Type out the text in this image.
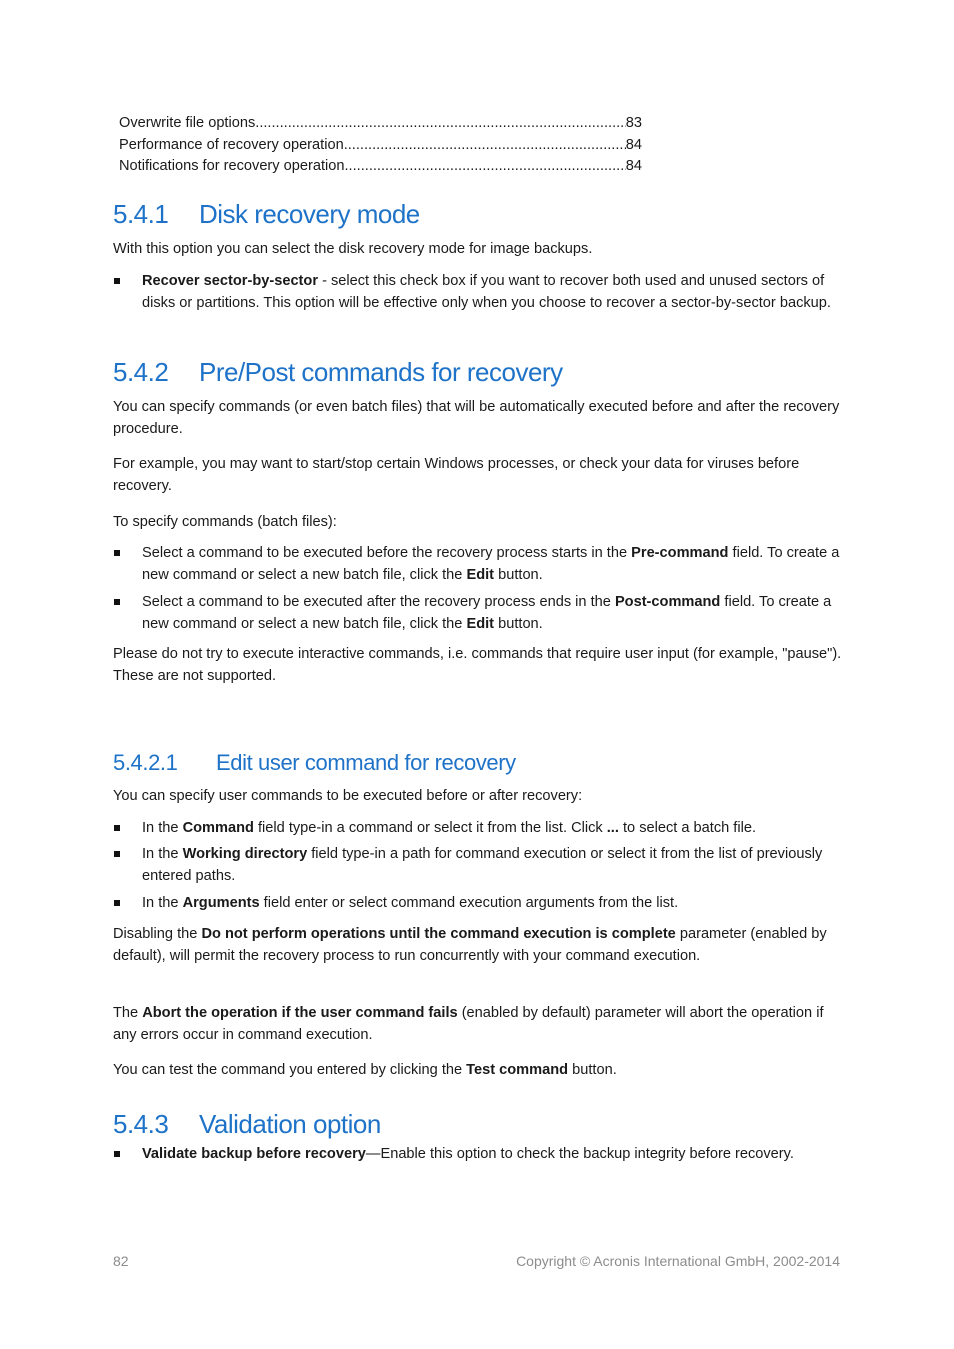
Overwrite file options .....	83
Performance of recovery operation .....	84
Notifications for recovery operation .....	84
5.4.1 Disk recovery mode
With this option you can select the disk recovery mode for image backups.
Recover sector-by-sector - select this check box if you want to recover both used and unused sectors of disks or partitions. This option will be effective only when you choose to recover a sector-by-sector backup.
5.4.2 Pre/Post commands for recovery
You can specify commands (or even batch files) that will be automatically executed before and after the recovery procedure.
For example, you may want to start/stop certain Windows processes, or check your data for viruses before recovery.
To specify commands (batch files):
Select a command to be executed before the recovery process starts in the Pre-command field. To create a new command or select a new batch file, click the Edit button.
Select a command to be executed after the recovery process ends in the Post-command field. To create a new command or select a new batch file, click the Edit button.
Please do not try to execute interactive commands, i.e. commands that require user input (for example, "pause"). These are not supported.
5.4.2.1 Edit user command for recovery
You can specify user commands to be executed before or after recovery:
In the Command field type-in a command or select it from the list. Click ... to select a batch file.
In the Working directory field type-in a path for command execution or select it from the list of previously entered paths.
In the Arguments field enter or select command execution arguments from the list.
Disabling the Do not perform operations until the command execution is complete parameter (enabled by default), will permit the recovery process to run concurrently with your command execution.
The Abort the operation if the user command fails (enabled by default) parameter will abort the operation if any errors occur in command execution.
You can test the command you entered by clicking the Test command button.
5.4.3 Validation option
Validate backup before recovery—Enable this option to check the backup integrity before recovery.
82	Copyright © Acronis International GmbH, 2002-2014
